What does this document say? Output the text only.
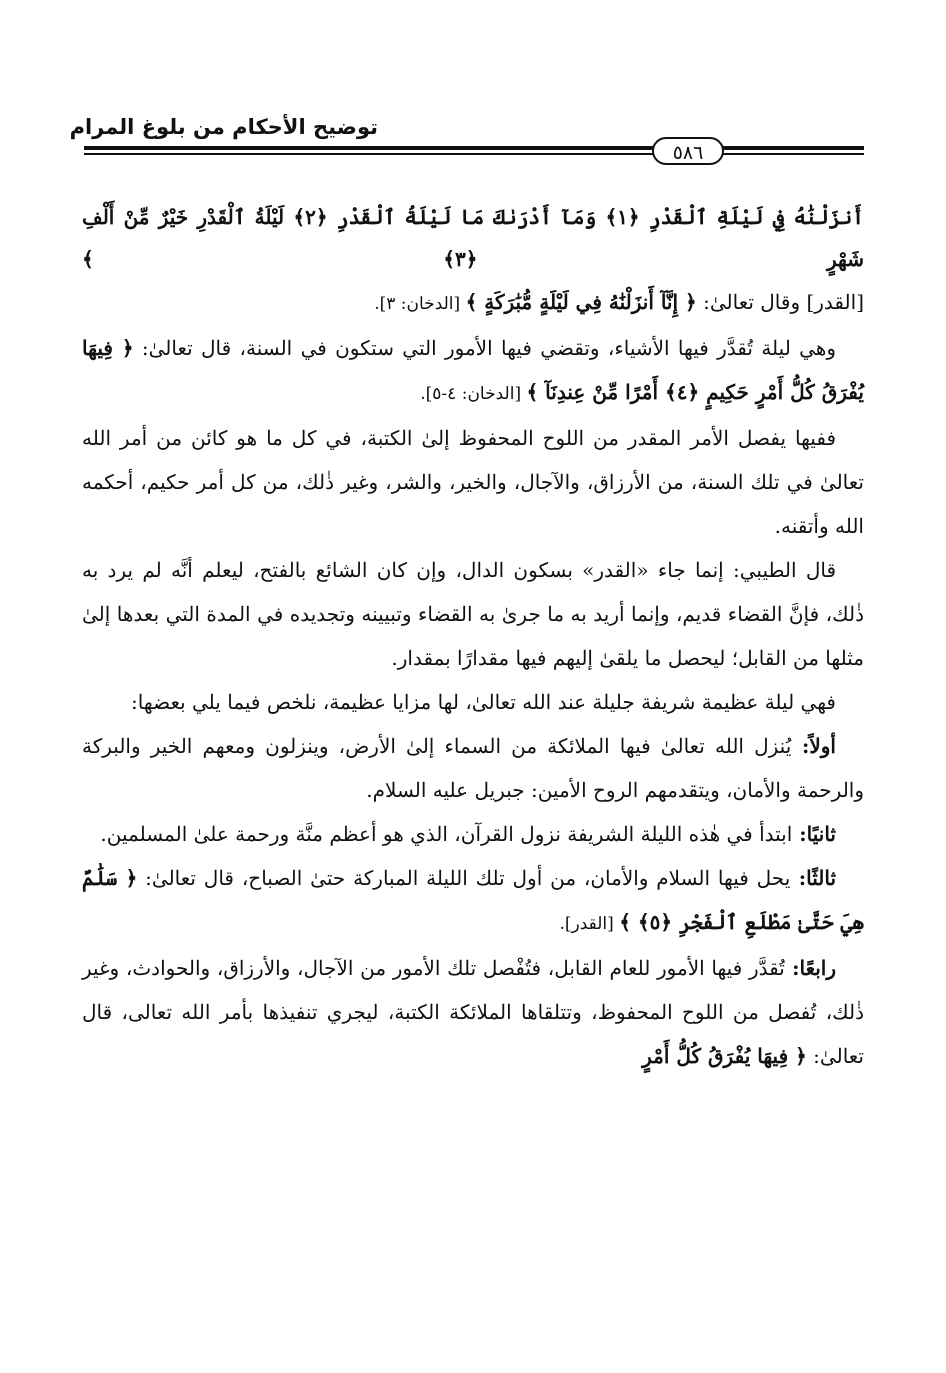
توضيح الأحكام من بلوغ المرام
٥٨٦
أَنزَلْنَٰهُ فِي لَيْلَةِ ٱلْقَدْرِ ﴿١﴾ وَمَآ أَدْرَىٰكَ مَا لَيْلَةُ ٱلْقَدْرِ ﴿٢﴾ لَيْلَةُ ٱلْقَدْرِ خَيْرٌ مِّنْ أَلْفِ شَهْرٍ ﴿٣﴾ ﴾

[القدر] وقال تعالىٰ: ﴿ إِنَّآ أَنزَلْنَٰهُ فِي لَيْلَةٍ مُّبَٰرَكَةٍ ﴾ [الدخان: ٣].

وهي ليلة تُقدَّر فيها الأشياء، وتقضي فيها الأمور التي ستكون في السنة، قال تعالىٰ: ﴿ فِيهَا يُفْرَقُ كُلُّ أَمْرٍ حَكِيمٍ ﴿٤﴾ أَمْرًا مِّنْ عِندِنَآ ﴾ [الدخان: ٤-٥].

ففيها يفصل الأمر المقدر من اللوح المحفوظ إلىٰ الكتبة، في كل ما هو كائن من أمر الله تعالىٰ في تلك السنة، من الأرزاق، والآجال، والخير، والشر، وغير ذٰلك، من كل أمر حكيم، أحكمه الله وأتقنه.

قال الطيبي: إنما جاء «القدر» بسكون الدال، وإن كان الشائع بالفتح، ليعلم أنَّه لم يرد به ذٰلك، فإنَّ القضاء قديم، وإنما أريد به ما جرىٰ به القضاء وتبيينه وتجديده في المدة التي بعدها إلىٰ مثلها من القابل؛ ليحصل ما يلقىٰ إليهم فيها مقدارًا بمقدار.

فهي ليلة عظيمة شريفة جليلة عند الله تعالىٰ، لها مزايا عظيمة، نلخص فيما يلي بعضها:

أولاً: يُنزل الله تعالىٰ فيها الملائكة من السماء إلىٰ الأرض، وينزلون ومعهم الخير والبركة والرحمة والأمان، ويتقدمهم الروح الأمين: جبريل عليه السلام.

ثانيًا: ابتدأ في هٰذه الليلة الشريفة نزول القرآن، الذي هو أعظم منَّة ورحمة علىٰ المسلمين.

ثالثًا: يحل فيها السلام والأمان، من أول تلك الليلة المباركة حتىٰ الصباح، قال تعالىٰ: ﴿ سَلَٰمٌ هِيَ حَتَّىٰ مَطْلَعِ ٱلْفَجْرِ ﴿٥﴾ ﴾ [القدر].

رابعًا: تُقدَّر فيها الأمور للعام القابل، فتُفْصل تلك الأمور من الآجال، والأرزاق، والحوادث، وغير ذٰلك، تُفصل من اللوح المحفوظ، وتتلقاها الملائكة الكتبة، ليجري تنفيذها بأمر الله تعالى، قال تعالىٰ: ﴿ فِيهَا يُفْرَقُ كُلُّ أَمْرٍ
